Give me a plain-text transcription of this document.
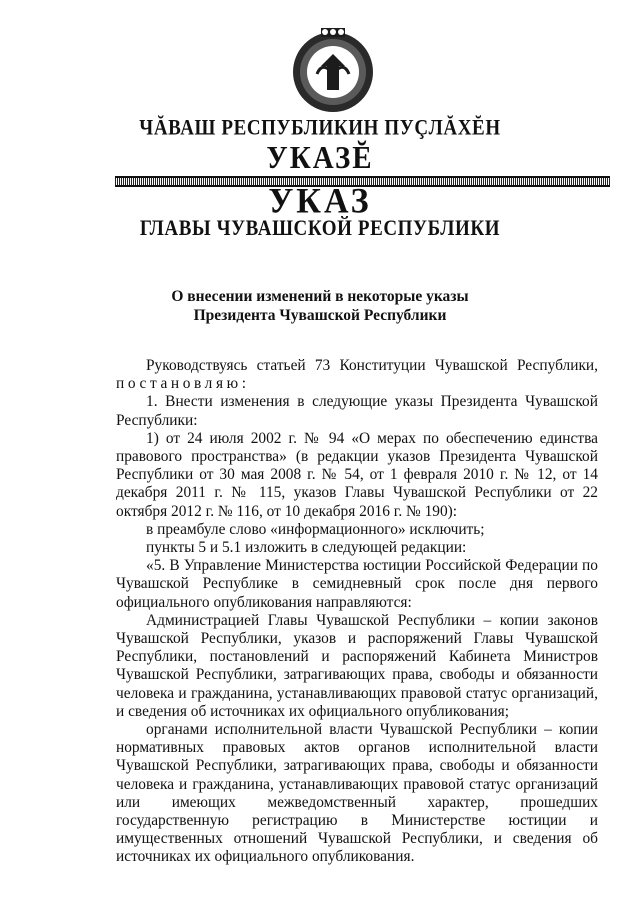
ЧĂВАШ РЕСПУБЛИКИН ПУÇЛĂХĔН
УКАЗĔ
УКАЗ
ГЛАВЫ ЧУВАШСКОЙ РЕСПУБЛИКИ
О внесении изменений в некоторые указы
Президента Чувашской Республики

Руководствуясь статьей 73 Конституции Чувашской Республики, постановляю:

1. Внести изменения в следующие указы Президента Чувашской Республики:

1) от 24 июля 2002 г. № 94 «О мерах по обеспечению единства правового пространства» (в редакции указов Президента Чувашской Республики от 30 мая 2008 г. № 54, от 1 февраля 2010 г. № 12, от 14 декабря 2011 г. № 115, указов Главы Чувашской Республики от 22 октября 2012 г. № 116, от 10 декабря 2016 г. № 190):

в преамбуле слово «информационного» исключить;

пункты 5 и 5.1 изложить в следующей редакции:

«5. В Управление Министерства юстиции Российской Федерации по Чувашской Республике в семидневный срок после дня первого официального опубликования направляются:

Администрацией Главы Чувашской Республики – копии законов Чувашской Республики, указов и распоряжений Главы Чувашской Республики, постановлений и распоряжений Кабинета Министров Чувашской Республики, затрагивающих права, свободы и обязанности человека и гражданина, устанавливающих правовой статус организаций, и сведения об источниках их официального опубликования;

органами исполнительной власти Чувашской Республики – копии нормативных правовых актов органов исполнительной власти Чувашской Республики, затрагивающих права, свободы и обязанности человека и гражданина, устанавливающих правовой статус организаций или имеющих межведомственный характер, прошедших государственную регистрацию в Министерстве юстиции и имущественных отношений Чувашской Республики, и сведения об источниках их официального опубликования.
